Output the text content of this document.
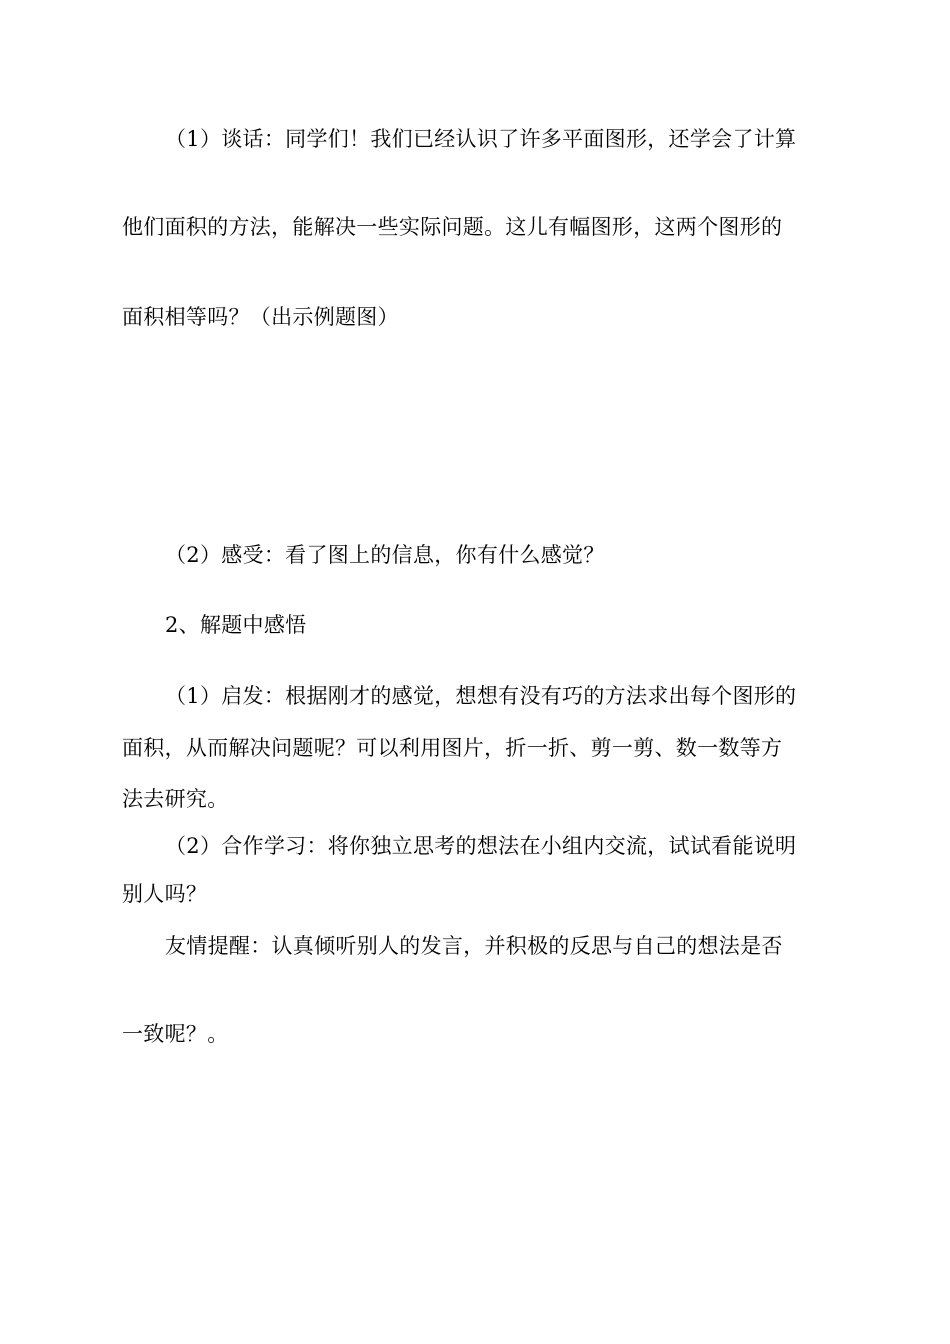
（1）谈话：同学们！我们已经认识了许多平面图形，还学会了计算
他们面积的方法，能解决一些实际问题。这儿有幅图形，这两个图形的
面积相等吗？（出示例题图）
（2）感受：看了图上的信息，你有什么感觉？
2、解题中感悟
（1）启发：根据刚才的感觉，想想有没有巧的方法求出每个图形的
面积，从而解决问题呢？可以利用图片，折一折、剪一剪、数一数等方
法去研究。
（2）合作学习：将你独立思考的想法在小组内交流，试试看能说明
别人吗？
友情提醒：认真倾听别人的发言，并积极的反思与自己的想法是否
一致呢？。
